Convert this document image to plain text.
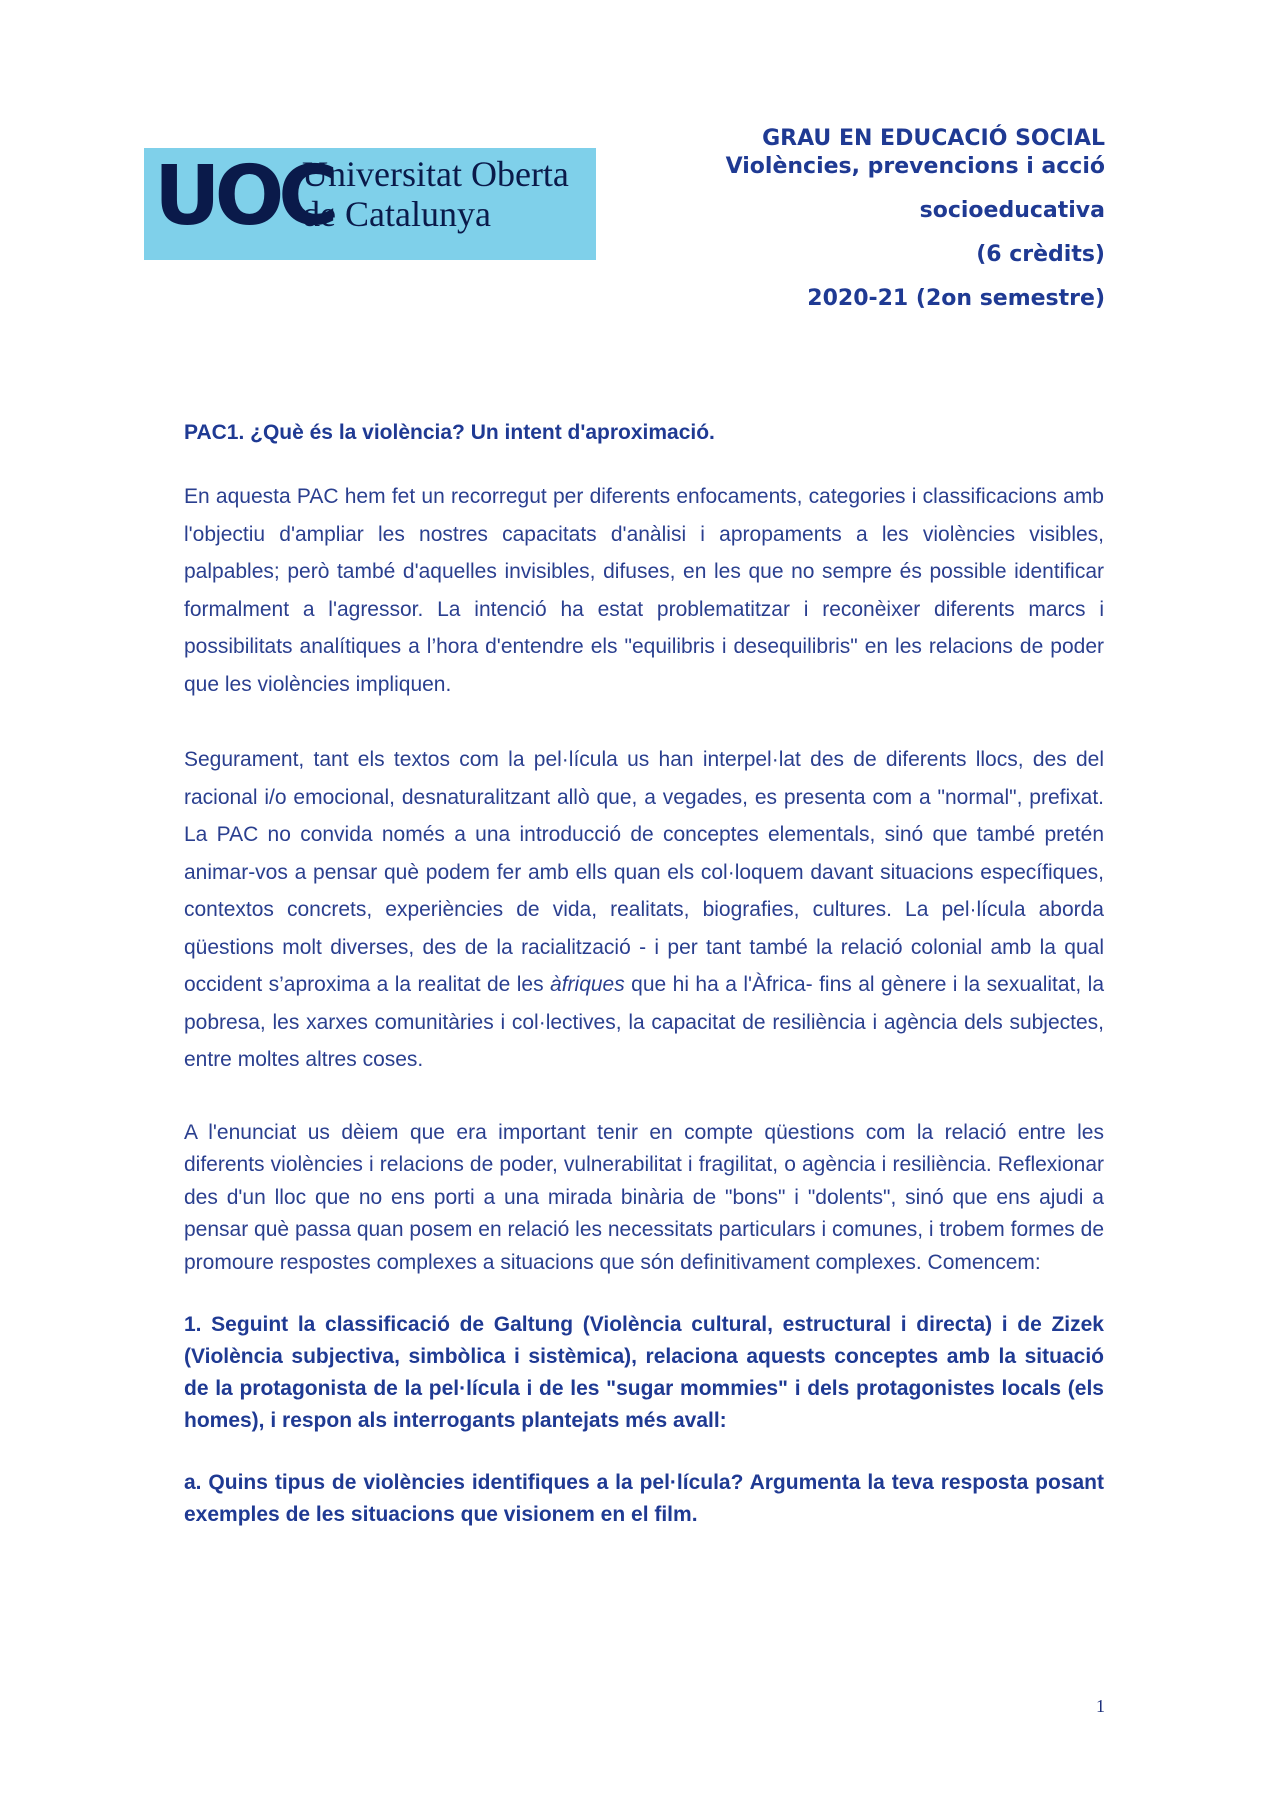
UOC
Universitat Oberta
de Catalunya
GRAU EN EDUCACIÓ SOCIAL
Violències, prevencions i acció
socioeducativa
(6 crèdits)
2020-21 (2on semestre)
PAC1. ¿Què és la violència? Un intent d'aproximació.

En aquesta PAC hem fet un recorregut per diferents enfocaments, categories i classificacions amb l'objectiu d'ampliar les nostres capacitats d'anàlisi i apropaments a les violències visibles, palpables; però també d'aquelles invisibles, difuses, en les que no sempre és possible identificar formalment a l'agressor. La intenció ha estat problematitzar i reconèixer diferents marcs i possibilitats analítiques a l’hora d'entendre els "equilibris i desequilibris" en les relacions de poder que les violències impliquen.

Segurament, tant els textos com la pel·lícula us han interpel·lat des de diferents llocs, des del racional i/o emocional, desnaturalitzant allò que, a vegades, es presenta com a "normal", prefixat. La PAC no convida només a una introducció de conceptes elementals, sinó que també pretén animar-vos a pensar què podem fer amb ells quan els col·loquem davant situacions específiques, contextos concrets, experiències de vida, realitats, biografies, cultures. La pel·lícula aborda qüestions molt diverses, des de la racialització - i per tant també la relació colonial amb la qual occident s’aproxima a la realitat de les àfriques que hi ha a l'Àfrica- fins al gènere i la sexualitat, la pobresa, les xarxes comunitàries i col·lectives, la capacitat de resiliència i agència dels subjectes, entre moltes altres coses.

A l'enunciat us dèiem que era important tenir en compte qüestions com la relació entre les diferents violències i relacions de poder, vulnerabilitat i fragilitat, o agència i resiliència. Reflexionar des d'un lloc que no ens porti a una mirada binària de "bons" i "dolents", sinó que ens ajudi a pensar què passa quan posem en relació les necessitats particulars i comunes, i trobem formes de promoure respostes complexes a situacions que són definitivament complexes. Comencem:

1. Seguint la classificació de Galtung (Violència cultural, estructural i directa) i de Zizek (Violència subjectiva, simbòlica i sistèmica), relaciona aquests conceptes amb la situació de la protagonista de la pel·lícula i de les "sugar mommies" i dels protagonistes locals (els homes), i respon als interrogants plantejats més avall:

a. Quins tipus de violències identifiques a la pel·lícula? Argumenta la teva resposta posant exemples de les situacions que visionem en el film.

1
